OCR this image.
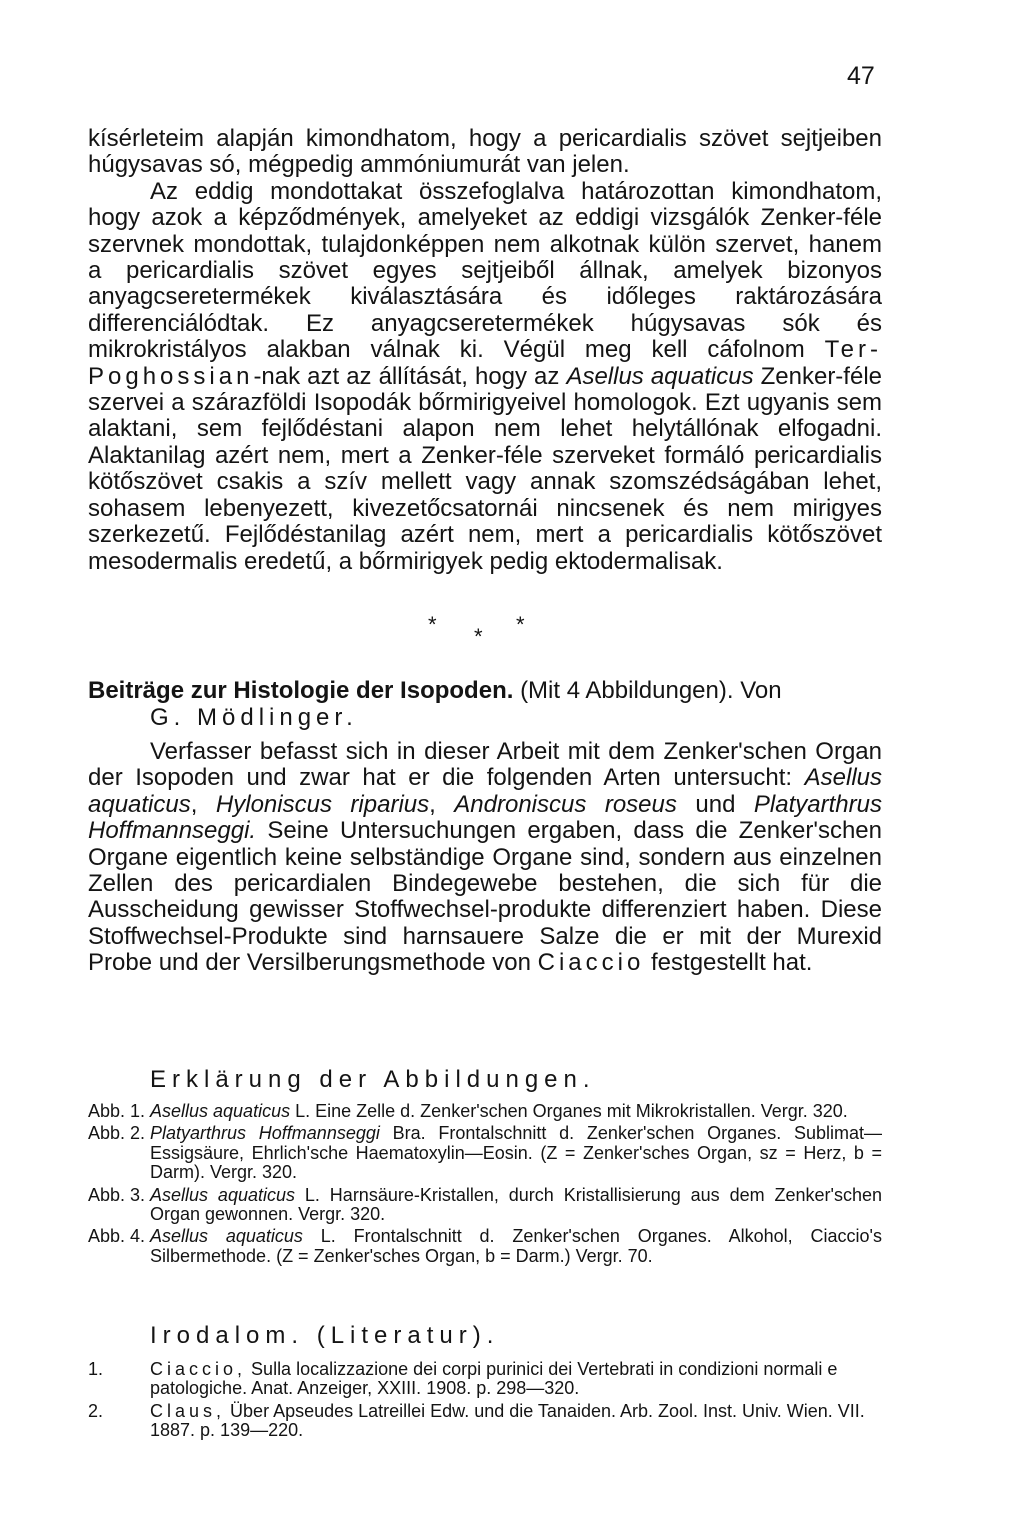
47

kísérleteim alapján kimondhatom, hogy a pericardialis szövet sejtjeiben húgysavas só, mégpedig ammóniumurát van jelen.

Az eddig mondottakat összefoglalva határozottan kimondhatom, hogy azok a képződmények, amelyeket az eddigi vizsgálók Zenker-féle szervnek mondottak, tulajdonképpen nem alkotnak külön szervet, hanem a pericardialis szövet egyes sejtjeiből állnak, amelyek bizonyos anyagcseretermékek kiválasztására és időleges raktározására differenciálódtak. Ez anyagcseretermékek húgysavas sók és mikrokristályos alakban válnak ki. Végül meg kell cáfolnom Ter-Poghossian-nak azt az állítását, hogy az Asellus aquaticus Zenker-féle szervei a szárazföldi Isopodák bőrmirigyeivel homologok. Ezt ugyanis sem alaktani, sem fejlődéstani alapon nem lehet helytállónak elfogadni. Alaktanilag azért nem, mert a Zenker-féle szerveket formáló pericardialis kötőszövet csakis a szív mellett vagy annak szomszédságában lehet, sohasem lebenyezett, kivezetőcsatornái nincsenek és nem mirigyes szerkezetű. Fejlődéstanilag azért nem, mert a pericardialis kötőszövet mesodermalis eredetű, a bőrmirigyek pedig ektodermalisak.

* * *
Beiträge zur Histologie der Isopoden. (Mit 4 Abbildungen). Von
G. Mödlinger.

Verfasser befasst sich in dieser Arbeit mit dem Zenker'schen Organ der Isopoden und zwar hat er die folgenden Arten untersucht: Asellus aquaticus, Hyloniscus riparius, Androniscus roseus und Platyarthrus Hoffmannseggi. Seine Untersuchungen ergaben, dass die Zenker'schen Organe eigentlich keine selbständige Organe sind, sondern aus einzelnen Zellen des pericardialen Bindegewebe bestehen, die sich für die Ausscheidung gewisser Stoffwechsel-produkte differenziert haben. Diese Stoffwechsel-Produkte sind harnsauere Salze die er mit der Murexid Probe und der Versilberungsmethode von Ciaccio festgestellt hat.

Erklärung der Abbildungen.
Abb. 1. Asellus aquaticus L. Eine Zelle d. Zenker'schen Organes mit Mikrokristallen. Vergr. 320.
Abb. 2. Platyarthrus Hoffmannseggi Bra. Frontalschnitt d. Zenker'schen Organes. Sublimat—Essigsäure, Ehrlich'sche Haematoxylin—Eosin. (Z = Zenker'sches Organ, sz = Herz, b = Darm). Vergr. 320.
Abb. 3. Asellus aquaticus L. Harnsäure-Kristallen, durch Kristallisierung aus dem Zenker'schen Organ gewonnen. Vergr. 320.
Abb. 4. Asellus aquaticus L. Frontalschnitt d. Zenker'schen Organes. Alkohol, Ciaccio's Silbermethode. (Z = Zenker'sches Organ, b = Darm.) Vergr. 70.
Irodalom. (Literatur).
1.	Ciaccio, Sulla localizzazione dei corpi purinici dei Vertebrati in condizioni normali e patologiche. Anat. Anzeiger, XXIII. 1908. p. 298—320.
2.	Claus, Über Apseudes Latreillei Edw. und die Tanaiden. Arb. Zool. Inst. Univ. Wien. VII. 1887. p. 139—220.
